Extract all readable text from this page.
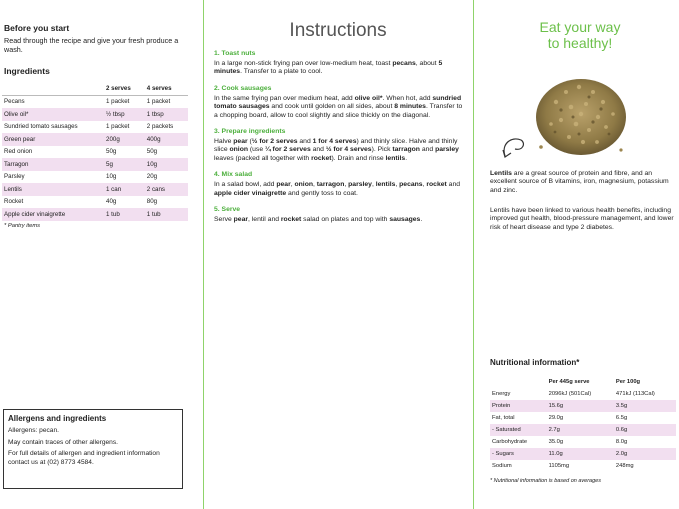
Before you start
Read through the recipe and give your fresh produce a wash.
Ingredients
	2 serves	4 serves
Pecans	1 packet	1 packet
Olive oil*	½ tbsp	1 tbsp
Sundried tomato sausages	1 packet	2 packets
Green pear	200g	400g
Red onion	50g	50g
Tarragon	5g	10g
Parsley	10g	20g
Lentils	1 can	2 cans
Rocket	40g	80g
Apple cider vinaigrette	1 tub	1 tub
* Pantry items
Allergens and ingredients
Allergens: pecan.
May contain traces of other allergens.
For full details of allergen and ingredient information contact us at (02) 8773 4584.
Instructions
1. Toast nuts
In a large non-stick frying pan over low-medium heat, toast pecans, about 5 minutes. Transfer to a plate to cool.
2. Cook sausages
In the same frying pan over medium heat, add olive oil*. When hot, add sundried tomato sausages and cook until golden on all sides, about 8 minutes. Transfer to a chopping board, allow to cool slightly and slice thickly on the diagonal.
3. Prepare ingredients
Halve pear (½ for 2 serves and 1 for 4 serves) and thinly slice. Halve and thinly slice onion (use ¼ for 2 serves and ½ for 4 serves). Pick tarragon and parsley leaves (packed all together with rocket). Drain and rinse lentils.
4. Mix salad
In a salad bowl, add pear, onion, tarragon, parsley, lentils, pecans, rocket and apple cider vinaigrette and gently toss to coat.
5. Serve
Serve pear, lentil and rocket salad on plates and top with sausages.
Eat your way
to healthy!
Lentils are a great source of protein and fibre, and an excellent source of B vitamins, iron, magnesium, potassium and zinc.
Lentils have been linked to various health benefits, including improved gut health, blood-pressure management, and lower risk of heart disease and type 2 diabetes.
Nutritional information*
	Per 445g serve	Per 100g
Energy	2096kJ (501Cal)	471kJ (113Cal)
Protein	15.6g	3.5g
Fat, total	29.0g	6.5g
- Saturated	2.7g	0.6g
Carbohydrate	35.0g	8.0g
- Sugars	11.0g	2.0g
Sodium	1105mg	248mg
* Nutritional information is based on averages
